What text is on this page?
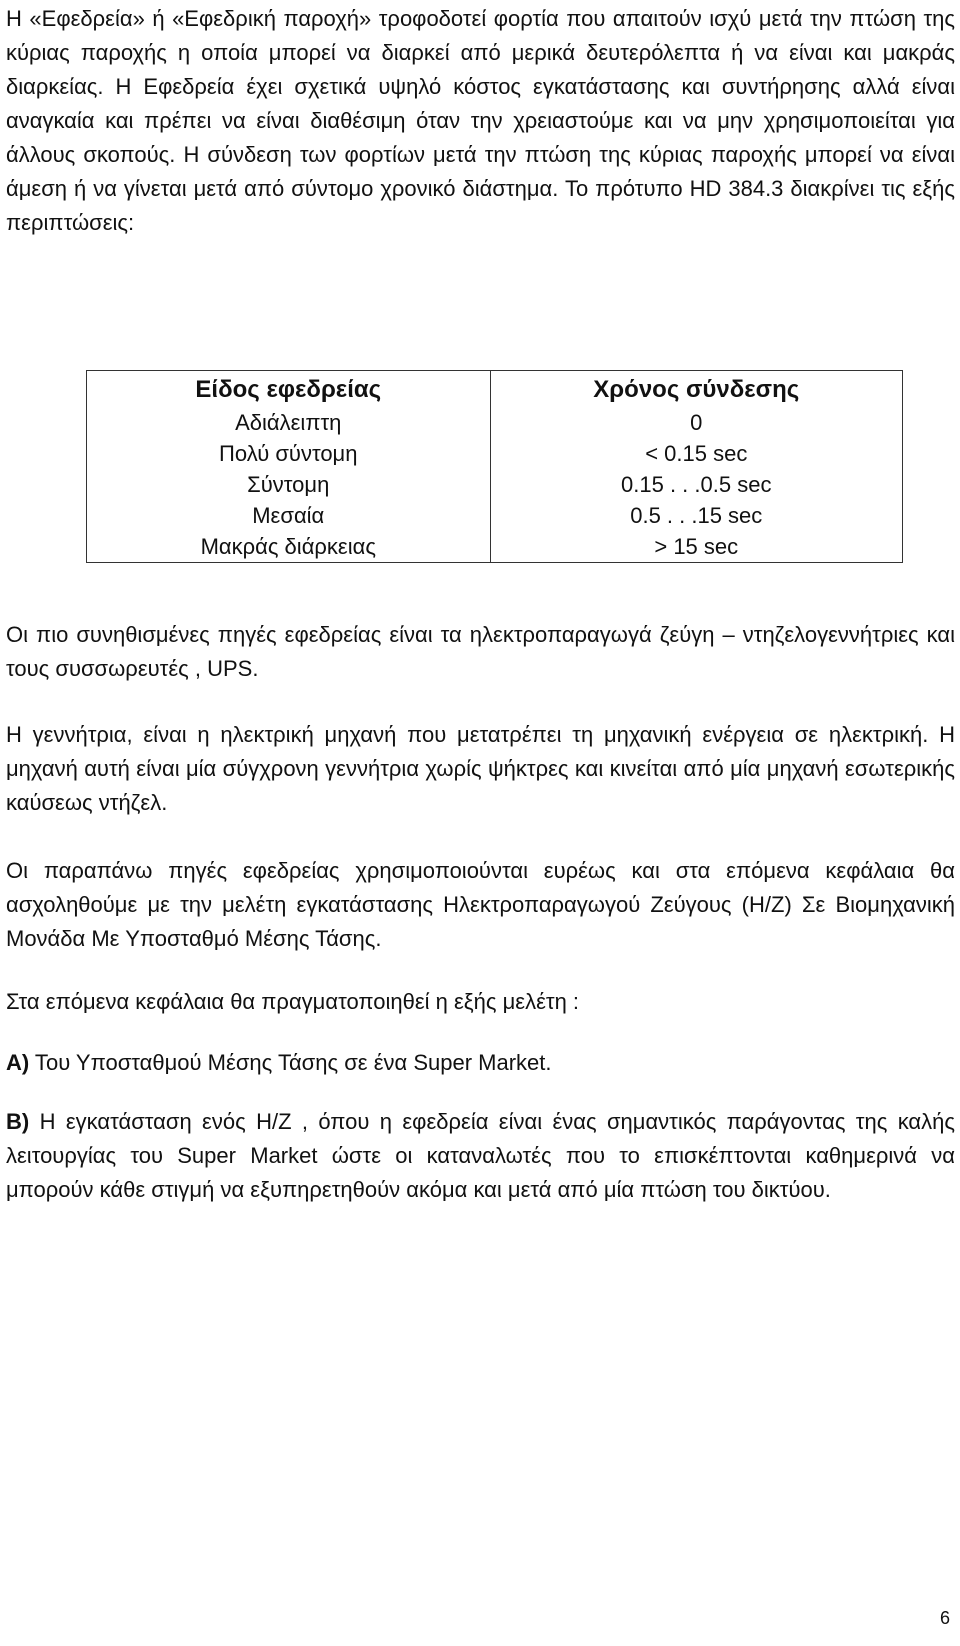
Η «Εφεδρεία» ή «Εφεδρική παροχή» τροφοδοτεί φορτία που απαιτούν ισχύ μετά την πτώση της κύριας παροχής η οποία μπορεί να διαρκεί από μερικά δευτερόλεπτα ή να είναι και μακράς διαρκείας. Η Εφεδρεία έχει σχετικά υψηλό κόστος εγκατάστασης και συντήρησης αλλά είναι αναγκαία και πρέπει να είναι διαθέσιμη όταν την χρειαστούμε και να μην χρησιμοποιείται για άλλους σκοπούς. Η σύνδεση των φορτίων μετά την πτώση της κύριας παροχής μπορεί να είναι άμεση ή να γίνεται μετά από σύντομο χρονικό διάστημα. Το πρότυπο HD 384.3 διακρίνει τις εξής περιπτώσεις:

Είδος εφεδρείας	Χρόνος σύνδεσης
Αδιάλειπτη	0
Πολύ σύντομη	< 0.15 sec
Σύντομη	0.15 . . .0.5 sec
Μεσαία	0.5 . . .15 sec
Μακράς διάρκειας	> 15 sec

Οι πιο συνηθισμένες πηγές εφεδρείας είναι τα ηλεκτροπαραγωγά ζεύγη – ντηζελογεννήτριες και τους συσσωρευτές , UPS.

Η γεννήτρια, είναι η ηλεκτρική μηχανή που μετατρέπει τη μηχανική ενέργεια σε ηλεκτρική. Η μηχανή αυτή είναι μία σύγχρονη γεννήτρια χωρίς ψήκτρες και κινείται από μία μηχανή εσωτερικής καύσεως ντήζελ.

Οι παραπάνω πηγές εφεδρείας χρησιμοποιούνται ευρέως και στα επόμενα κεφάλαια θα ασχοληθούμε με την μελέτη εγκατάστασης Ηλεκτροπαραγωγού Ζεύγους (Η/Ζ) Σε Βιομηχανική Μονάδα Με Υποσταθμό Μέσης Τάσης.

Στα επόμενα κεφάλαια θα πραγματοποιηθεί η εξής μελέτη :

Α) Του Υποσταθμού Μέσης Τάσης σε ένα Super Market.

Β) Η εγκατάσταση ενός Η/Ζ , όπου η εφεδρεία είναι ένας σημαντικός παράγοντας της καλής λειτουργίας του Super Market ώστε οι καταναλωτές που το επισκέπτονται καθημερινά να μπορούν κάθε στιγμή να εξυπηρετηθούν ακόμα και μετά από μία πτώση του δικτύου.

6
